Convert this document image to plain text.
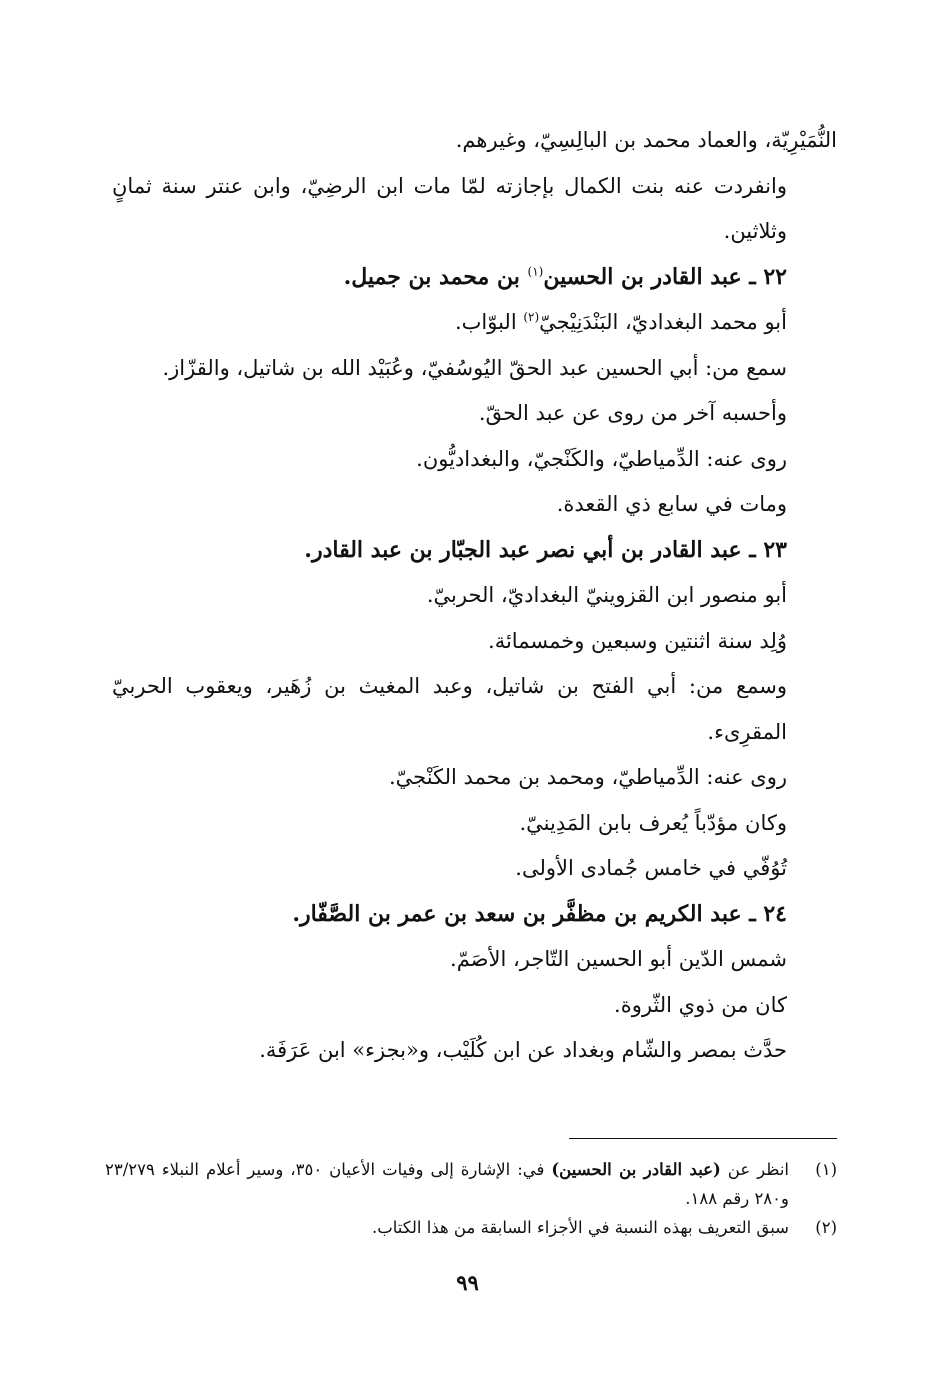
النُّمَيْرِيّة، والعماد محمد بن البالِسِيّ، وغيرهم.

وانفردت عنه بنت الكمال بإجازته لمّا مات ابن الرضِيّ، وابن عنتر سنة ثمانٍ وثلاثين.

٢٢ ـ عبد القادر بن الحسين$^{(١)}$ بن محمد بن جميل.

أبو محمد البغداديّ، البَنْدَنِيْجيّ$^{(٢)}$ البوّاب.

سمع من: أبي الحسين عبد الحقّ اليُوسُفيّ، وعُبَيْد الله بن شاتيل، والقزّاز.

وأحسبه آخر من روى عن عبد الحقّ.

روى عنه: الدِّمياطيّ، والكَنْجيّ، والبغداديُّون.

ومات في سابع ذي القعدة.

٢٣ ـ عبد القادر بن أبي نصر عبد الجبّار بن عبد القادر.

أبو منصور ابن القزوينيّ البغداديّ، الحربيّ.

وُلِد سنة اثنتين وسبعين وخمسمائة.

وسمع من: أبي الفتح بن شاتيل، وعبد المغيث بن زُهَير، ويعقوب الحربيّ المقرِىء.

روى عنه: الدِّمياطيّ، ومحمد بن محمد الكَنْجيّ.

وكان مؤدّباً يُعرف بابن المَدِينيّ.

تُوُفّي في خامس جُمادى الأولى.

٢٤ ـ عبد الكريم بن مظفَّر بن سعد بن عمر بن الصَّفّار.

شمس الدّين أبو الحسين التّاجر، الأصَمّ.

كان من ذوي الثّروة.

حدَّث بمصر والشّام وبغداد عن ابن كُلَيْب، و«بجزء» ابن عَرَفَة.

(١)
انظر عن (عبد القادر بن الحسين) في: الإشارة إلى وفيات الأعيان ٣٥٠، وسير أعلام النبلاء ٢٣/٢٧٩ و٢٨٠ رقم ١٨٨.
(٢)
سبق التعريف بهذه النسبة في الأجزاء السابقة من هذا الكتاب.
٩٩
